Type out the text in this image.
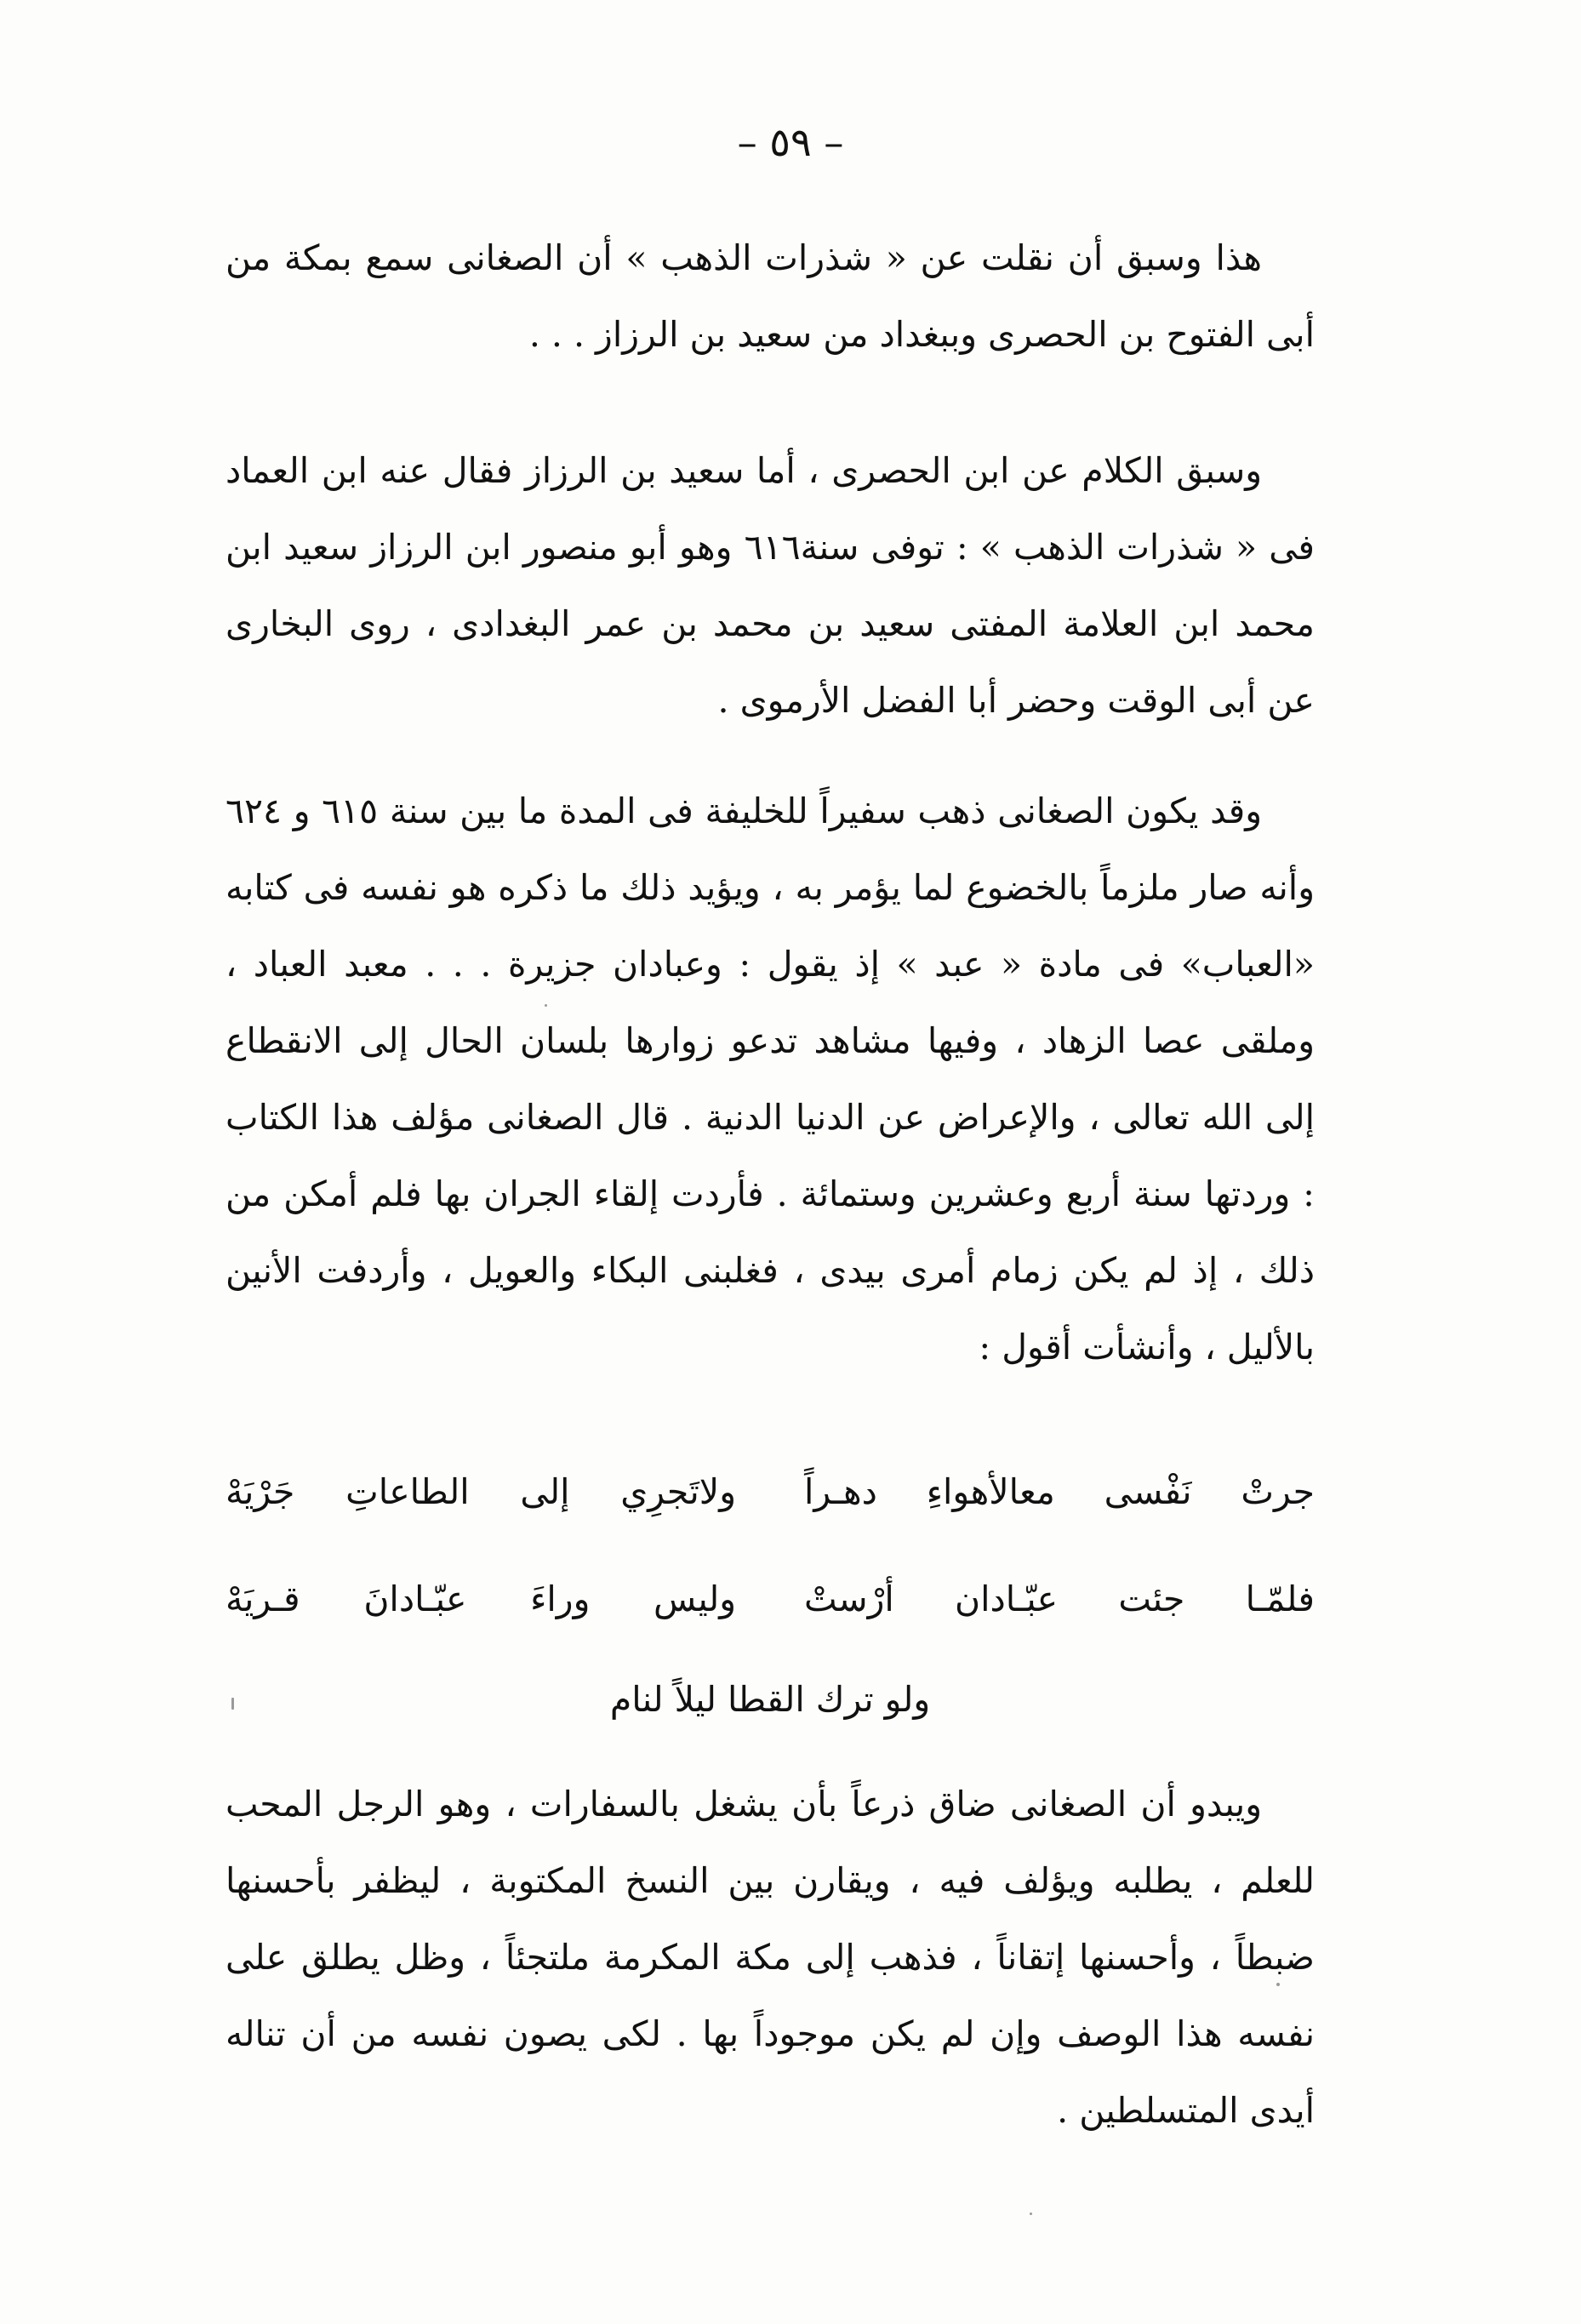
– ٥٩ –

هذا وسبق أن نقلت عن « شذرات الذهب » أن الصغانى سمع بمكة من أبى الفتوح بن الحصرى وببغداد من سعيد بن الرزاز . . .

وسبق الكلام عن ابن الحصرى ، أما سعيد بن الرزاز فقال عنه ابن العماد فى « شذرات الذهب » : توفى سنة٦١٦ وهو أبو منصور ابن الرزاز سعيد ابن محمد ابن العلامة المفتى سعيد بن محمد بن عمر البغدادى ، روى البخارى عن أبى الوقت وحضر أبا الفضل الأرموى .

وقد يكون الصغانى ذهب سفيراً للخليفة فى المدة ما بين سنة ٦١٥ و ٦٢٤ وأنه صار ملزماً بالخضوع لما يؤمر به ، ويؤيد ذلك ما ذكره هو نفسه فى كتابه «العباب» فى مادة « عبد » إذ يقول : وعبادان جزيرة . . . معبد العباد ، وملقى عصا الزهاد ، وفيها مشاهد تدعو زوارها بلسان الحال إلى الانقطاع إلى الله تعالى ، والإعراض عن الدنيا الدنية . قال الصغانى مؤلف هذا الكتاب : وردتها سنة أربع وعشرين وستمائة . فأردت إلقاء الجران بها فلم أمكن من ذلك ، إذ لم يكن زمام أمرى بيدى ، فغلبنى البكاء والعويل ، وأردفت الأنين بالأليل ، وأنشأت أقول :

جرتْ نَفْسى معالأهواءِ دهـراً
ولاتَجرِي إلى الطاعاتِ جَرْيَهْ
فلمّـا جئت عبّـادان أرْستْ
وليس وراءَ عبّـادانَ قـريَهْ
ولو ترك القطا ليلاً لنام

ويبدو أن الصغانى ضاق ذرعاً بأن يشغل بالسفارات ، وهو الرجل المحب للعلم ، يطلبه ويؤلف فيه ، ويقارن بين النسخ المكتوبة ، ليظفر بأحسنها ضبطاً ، وأحسنها إتقاناً ، فذهب إلى مكة المكرمة ملتجئاً ، وظل يطلق على نفسه هذا الوصف وإن لم يكن موجوداً بها . لكى يصون نفسه من أن تناله أيدى المتسلطين .
